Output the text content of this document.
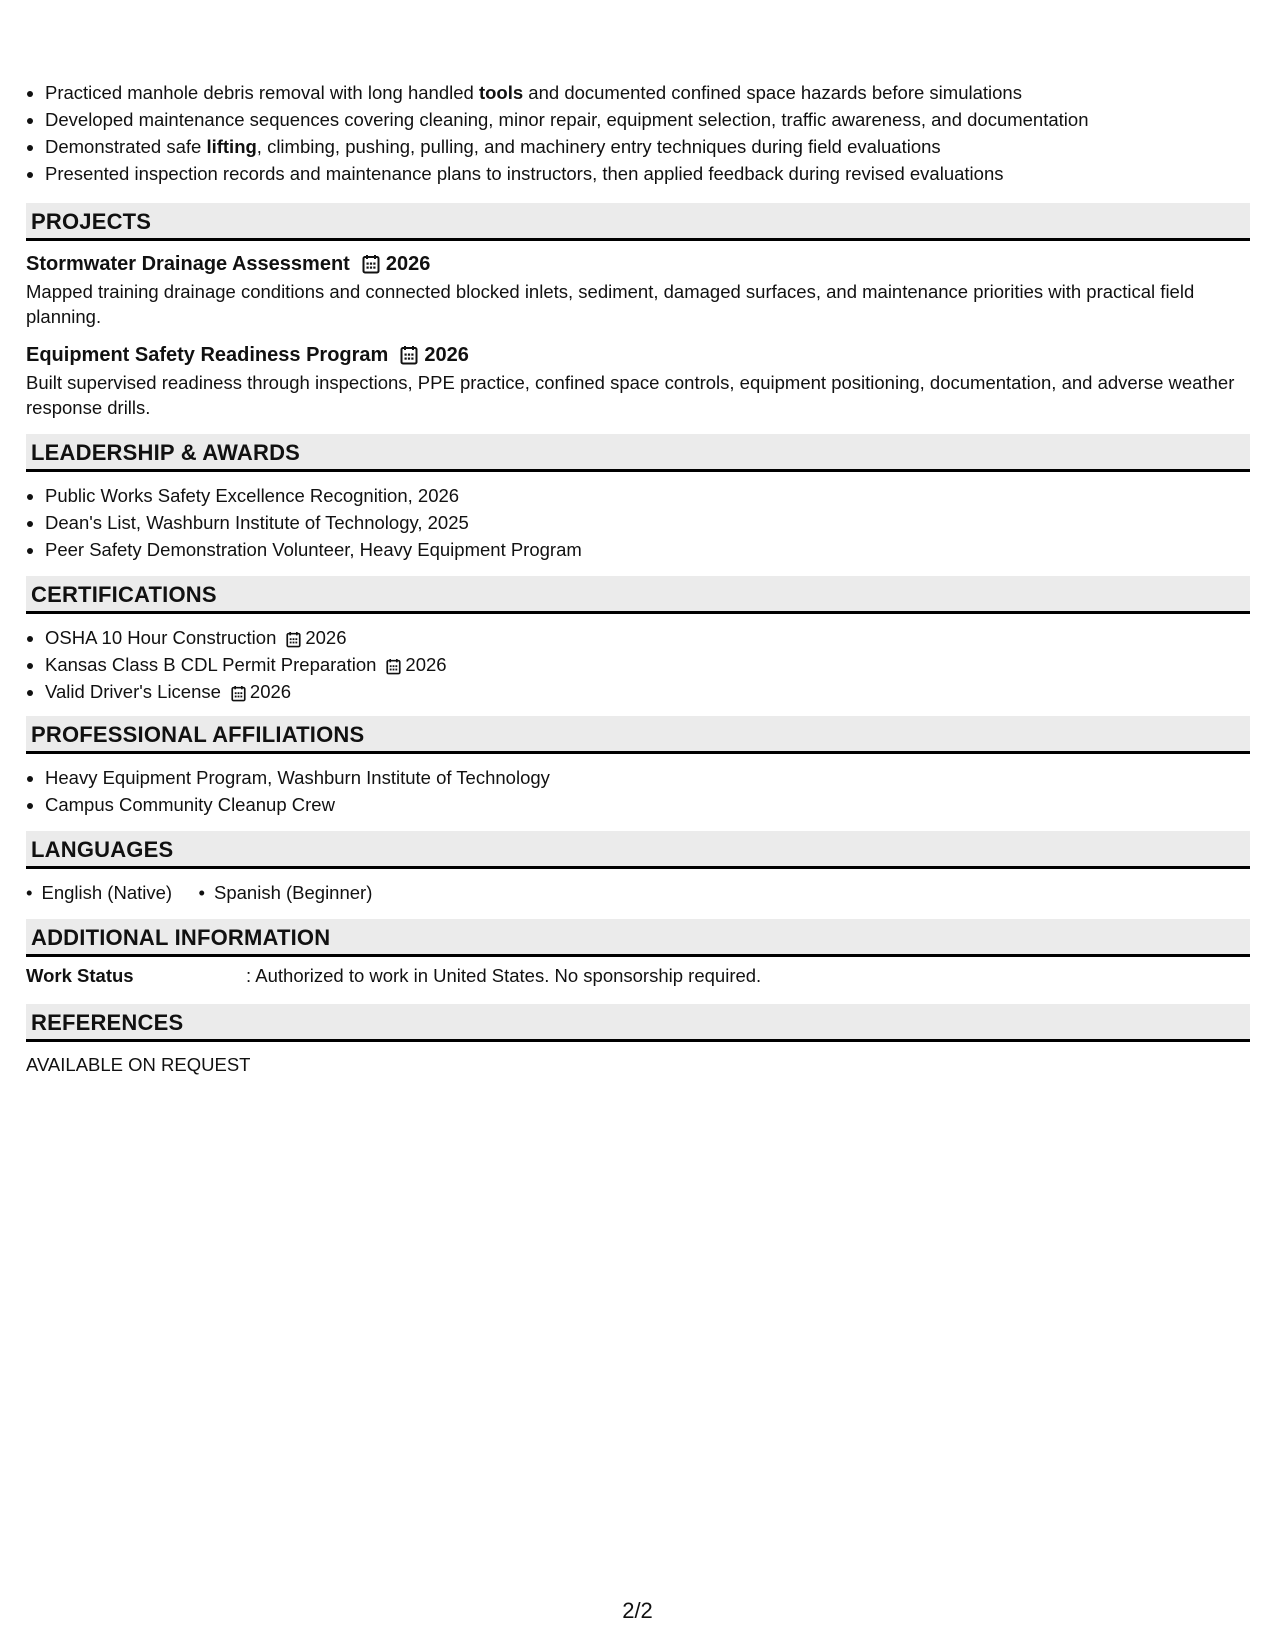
• Practiced manhole debris removal with long handled tools and documented confined space hazards before simulations
• Developed maintenance sequences covering cleaning, minor repair, equipment selection, traffic awareness, and documentation
• Demonstrated safe lifting, climbing, pushing, pulling, and machinery entry techniques during field evaluations
• Presented inspection records and maintenance plans to instructors, then applied feedback during revised evaluations
PROJECTS
Stormwater Drainage Assessment 2026
Mapped training drainage conditions and connected blocked inlets, sediment, damaged surfaces, and maintenance priorities with practical field planning.
Equipment Safety Readiness Program 2026
Built supervised readiness through inspections, PPE practice, confined space controls, equipment positioning, documentation, and adverse weather response drills.
LEADERSHIP & AWARDS
• Public Works Safety Excellence Recognition, 2026
• Dean's List, Washburn Institute of Technology, 2025
• Peer Safety Demonstration Volunteer, Heavy Equipment Program
CERTIFICATIONS
• OSHA 10 Hour Construction 2026
• Kansas Class B CDL Permit Preparation 2026
• Valid Driver's License 2026
PROFESSIONAL AFFILIATIONS
• Heavy Equipment Program, Washburn Institute of Technology
• Campus Community Cleanup Crew
LANGUAGES
• English (Native) • Spanish (Beginner)
ADDITIONAL INFORMATION
Work Status	: Authorized to work in United States. No sponsorship required.
REFERENCES
AVAILABLE ON REQUEST
2/2
